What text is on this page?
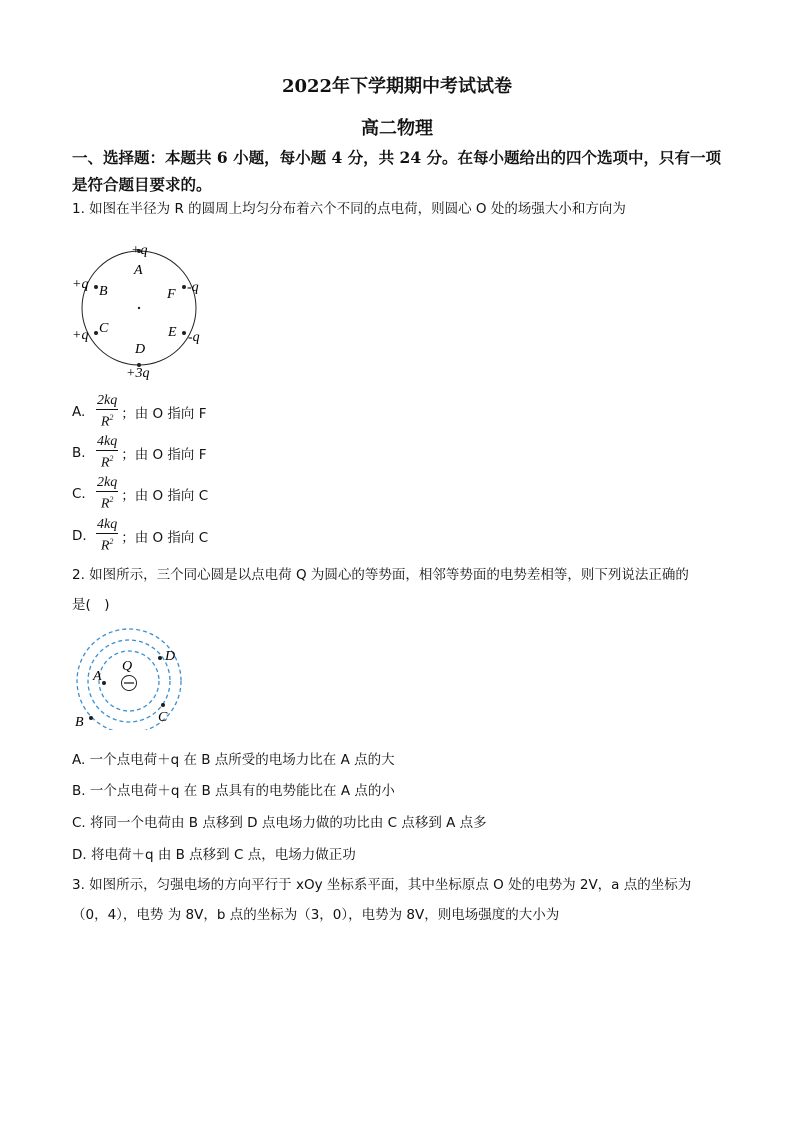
2022年下学期期中考试试卷
高二物理
一、选择题：本题共 6 小题，每小题 4 分，共 24 分。在每小题给出的四个选项中，只有一项
是符合题目要求的。
1. 如图在半径为 R 的圆周上均匀分布着六个不同的点电荷，则圆心 O 处的场强大小和方向为
A
B
C
D
E
F
+q
+q
+q
+3q
-q
-q
A. $\frac{2kq}{R^2}$ ；由 O 指向 F
B. $\frac{4kq}{R^2}$ ；由 O 指向 F
C. $\frac{2kq}{R^2}$ ；由 O 指向 C
D. $\frac{4kq}{R^2}$ ；由 O 指向 C
2. 如图所示，三个同心圆是以点电荷 Q 为圆心的等势面，相邻等势面的电势差相等，则下列说法正确的
是(　)
Q
A
B	C
D
A. 一个点电荷＋q 在 B 点所受的电场力比在 A 点的大
B. 一个点电荷＋q 在 B 点具有的电势能比在 A 点的小
C. 将同一个电荷由 B 点移到 D 点电场力做的功比由 C 点移到 A 点多
D. 将电荷＋q 由 B 点移到 C 点，电场力做正功
3. 如图所示，匀强电场的方向平行于 xOy 坐标系平面，其中坐标原点 O 处的电势为 2V，a 点的坐标为
（0，4），电势 为 8V，b 点的坐标为（3，0），电势为 8V，则电场强度的大小为
